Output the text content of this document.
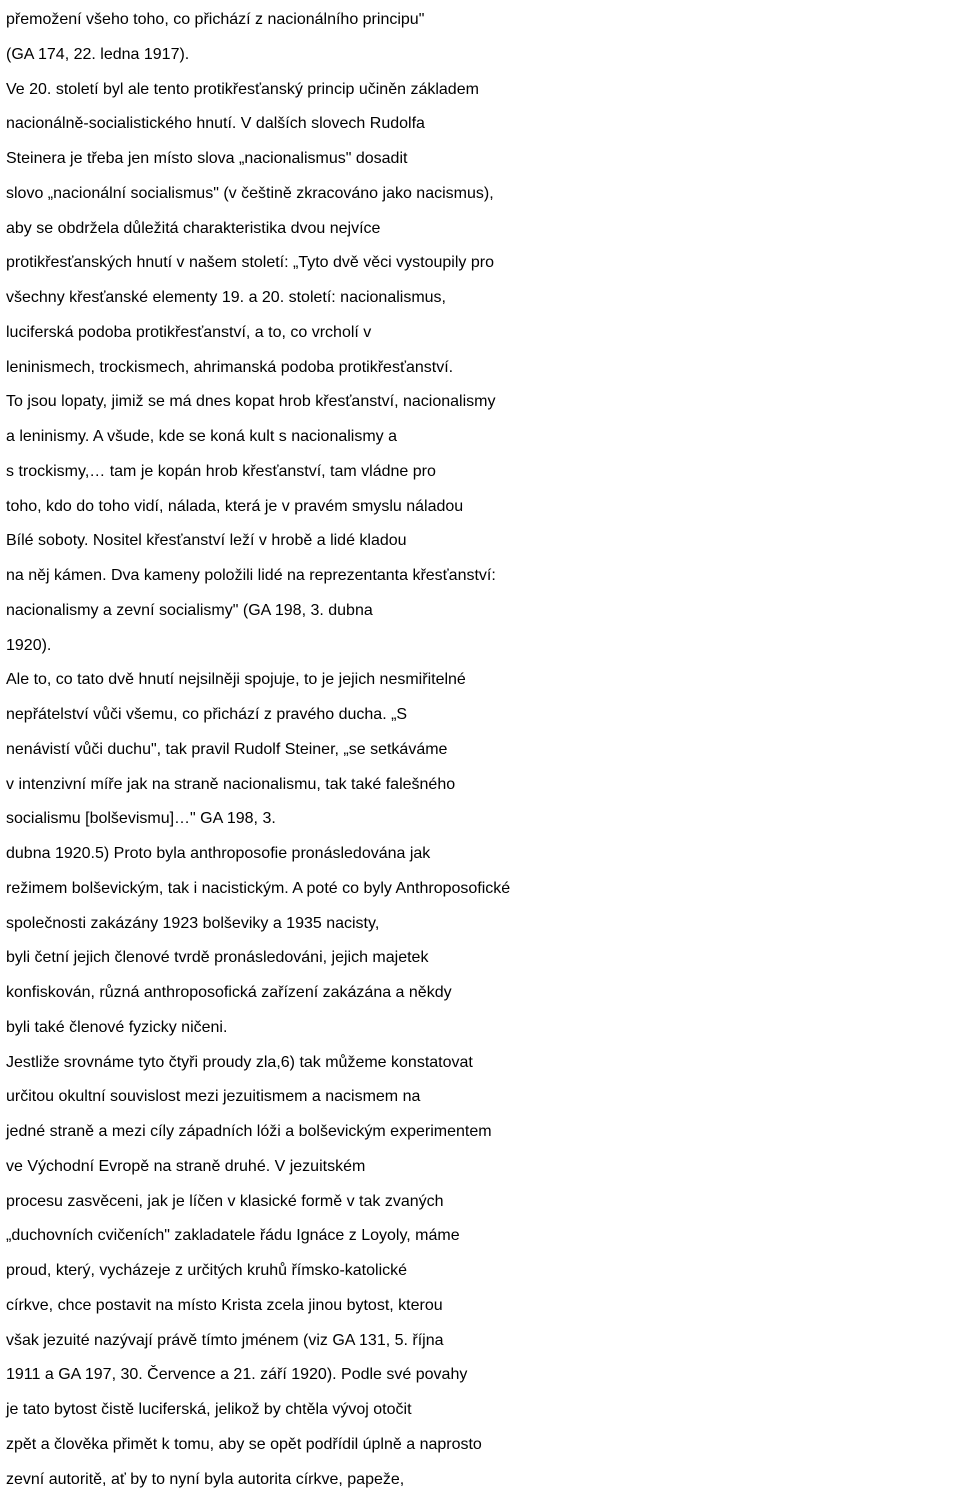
přemožení všeho toho, co přichází z nacionálního principu"
(GA 174, 22. ledna 1917).
Ve 20. století byl ale tento protikřesťanský princip učiněn základem
nacionálně-socialistického hnutí. V dalších slovech Rudolfa
Steinera je třeba jen místo slova „nacionalismus" dosadit
slovo „nacionální socialismus" (v češtině zkracováno jako nacismus),
aby se obdržela důležitá charakteristika dvou nejvíce
protikřesťanských hnutí v našem století: „Tyto dvě věci vystoupily pro
všechny křesťanské elementy 19. a 20. století: nacionalismus,
luciferská podoba protikřesťanství, a to, co vrcholí v
leninismech, trockismech, ahrimanská podoba protikřesťanství.
To jsou lopaty, jimiž se má dnes kopat hrob křesťanství, nacionalismy
a leninismy. A všude, kde se koná kult s nacionalismy a
s trockismy,… tam je kopán hrob křesťanství, tam vládne pro
toho, kdo do toho vidí, nálada, která je v pravém smyslu náladou
Bílé soboty. Nositel křesťanství leží v hrobě a lidé kladou
na něj kámen. Dva kameny položili lidé na reprezentanta křesťanství:
nacionalismy a zevní socialismy" (GA 198, 3. dubna
1920).
Ale to, co tato dvě hnutí nejsilněji spojuje, to je jejich nesmiřitelné
nepřátelství vůči všemu, co přichází z pravého ducha. „S
nenávistí vůči duchu", tak pravil Rudolf Steiner, „se setkáváme
v intenzivní míře jak na straně nacionalismu, tak také falešného
socialismu [bolševismu]…" GA 198, 3.
dubna 1920.5) Proto byla anthroposofie pronásledována jak
režimem bolševickým, tak i nacistickým. A poté co byly Anthroposofické
společnosti zakázány 1923 bolševiky a 1935 nacisty,
byli četní jejich členové tvrdě pronásledováni, jejich majetek
konfiskován, různá anthroposofická zařízení zakázána a někdy
byli také členové fyzicky ničeni.
Jestliže srovnáme tyto čtyři proudy zla,6) tak můžeme konstatovat
určitou okultní souvislost mezi jezuitismem a nacismem na
jedné straně a mezi cíly západních lóži a bolševickým experimentem
ve Východní Evropě na straně druhé. V jezuitském
procesu zasvěceni, jak je líčen v klasické formě v tak zvaných
„duchovních cvičeních" zakladatele řádu Ignáce z Loyoly, máme
proud, který, vycházeje z určitých kruhů římsko-katolické
církve, chce postavit na místo Krista zcela jinou bytost, kterou
však jezuité nazývají právě tímto jménem (viz GA 131, 5. října
1911 a GA 197, 30. Července a 21. září 1920). Podle své povahy
je tato bytost čistě luciferská, jelikož by chtěla vývoj otočit
zpět a člověka přimět k tomu, aby se opět podřídil úplně a naprosto
zevní autoritě, ať by to nyní byla autorita církve, papeže,
